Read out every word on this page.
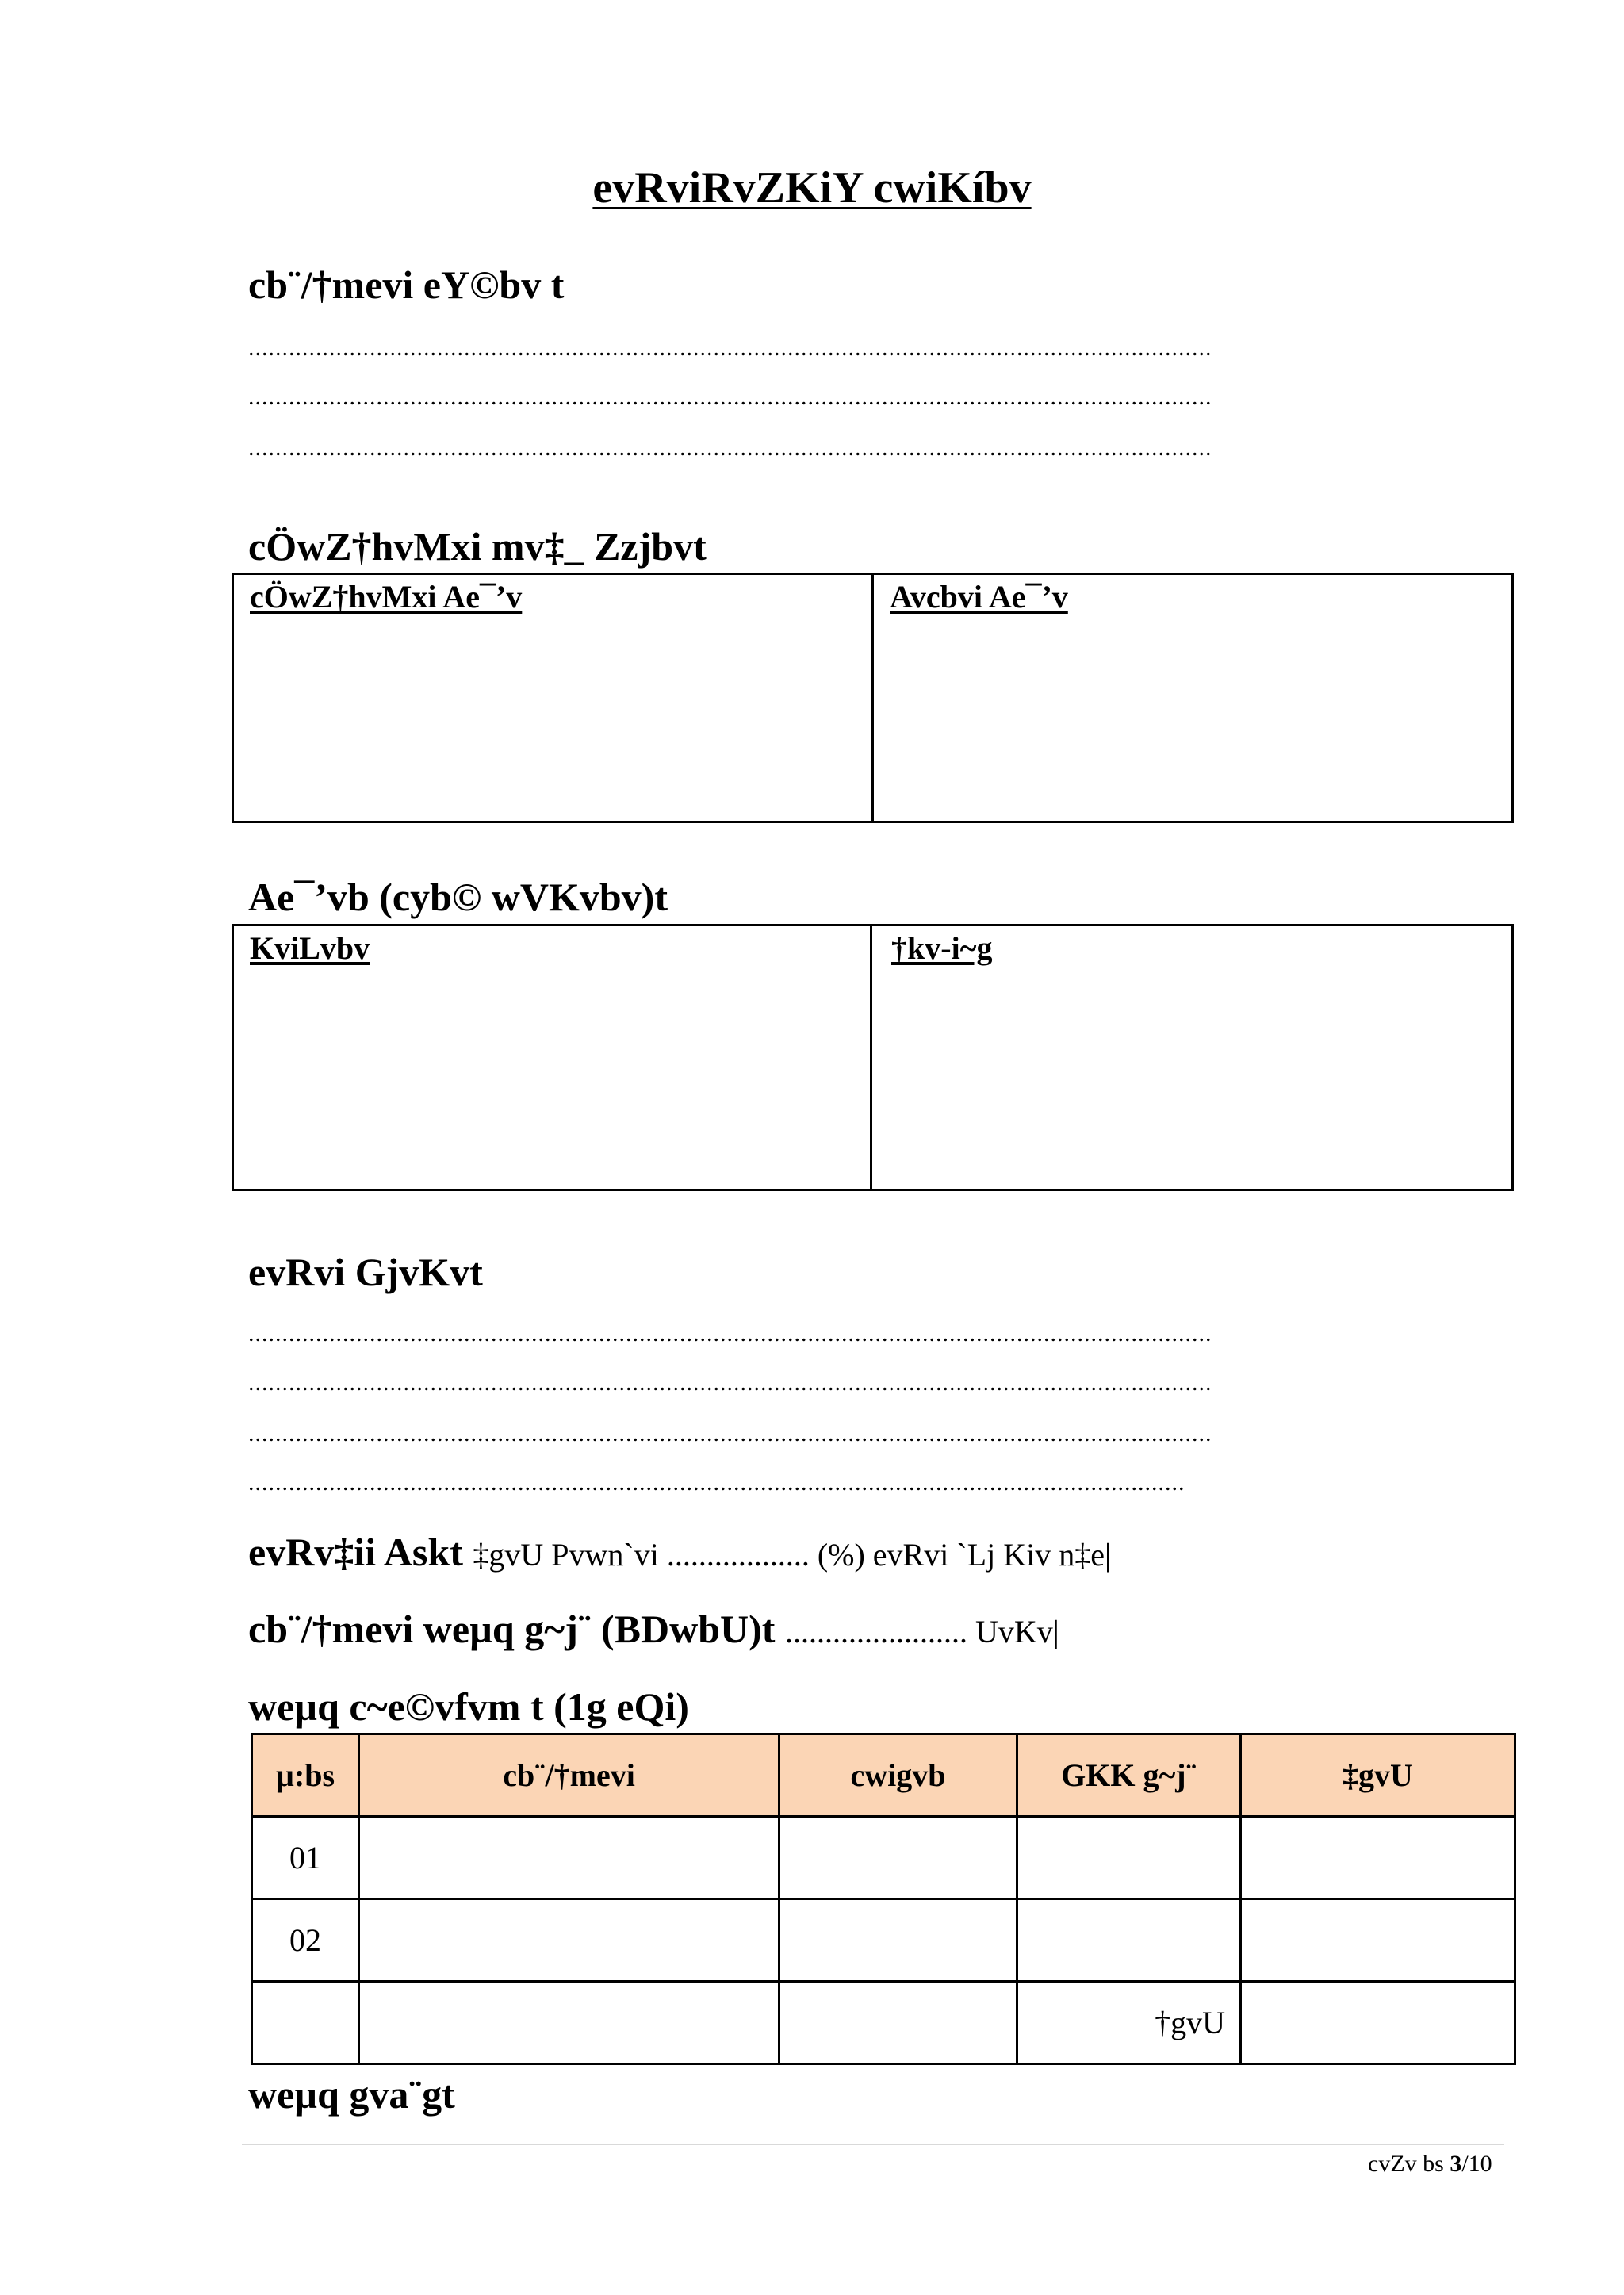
evRviRvZKiY cwiKíbv
cb¨/†mevi eY©bv t
...............................................................................................................................................
...............................................................................................................................................
...............................................................................................................................................
cÖwZ†hvMxi mv‡_ Zzjbvt
cÖwZ†hvMxi Ae¯’v	Avcbvi Ae¯’v
Ae¯’vb (cyb© wVKvbv)t
KviLvbv	†kv-i~g
evRvi GjvKvt
...............................................................................................................................................
...............................................................................................................................................
...............................................................................................................................................
...........................................................................................................................................
evRv‡ii Askt ‡gvU Pvwn`vi .................. (%) evRvi `Lj Kiv n‡e|
cb¨/†mevi weµq g~j¨ (BDwbU)t ....................... UvKv|
weµq c~e©vfvm t (1g eQi)
µ:bs	cb¨/†mevi	cwigvb	GKK g~j¨	‡gvU
01				
02				
			†gvU	
weµq gva¨gt
cvZv bs 3/10
